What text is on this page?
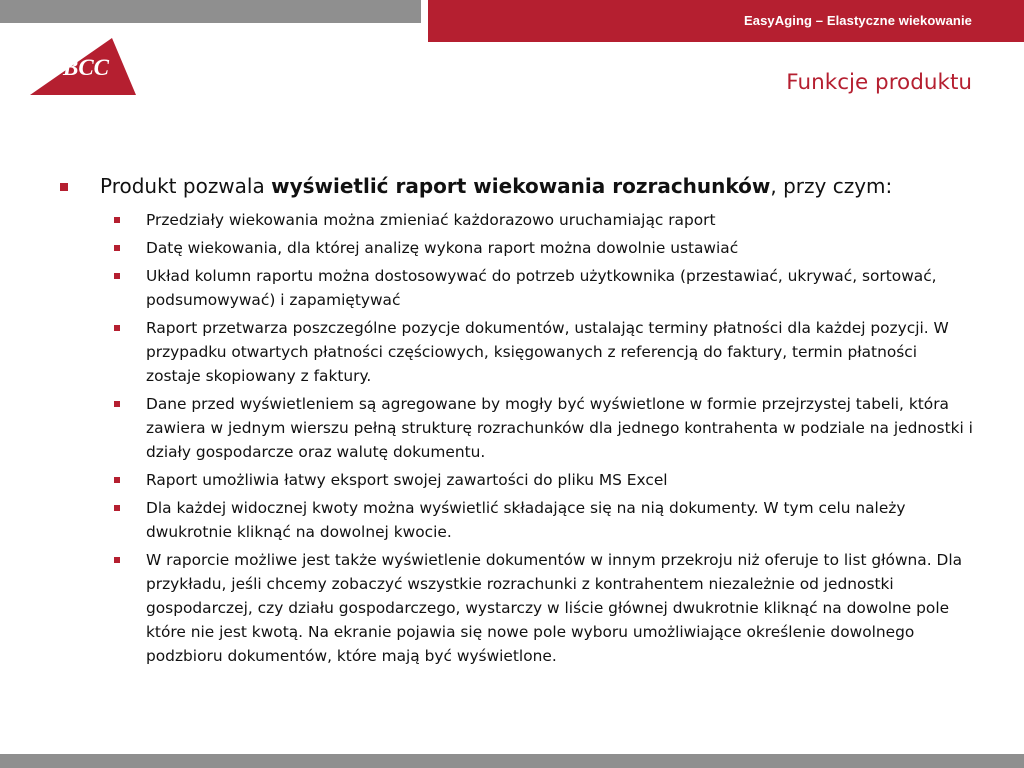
EasyAging – Elastyczne wiekowanie
BCC
Funkcje produktu
Produkt pozwala wyświetlić raport wiekowania rozrachunków, przy czym:
Przedziały wiekowania można zmieniać każdorazowo uruchamiając raport
Datę wiekowania, dla której analizę wykona raport można dowolnie ustawiać
Układ kolumn raportu można dostosowywać do potrzeb użytkownika (przestawiać, ukrywać, sortować, podsumowywać) i zapamiętywać
Raport przetwarza poszczególne pozycje dokumentów, ustalając terminy płatności dla każdej pozycji. W przypadku otwartych płatności częściowych, księgowanych z referencją do faktury, termin płatności zostaje skopiowany z faktury.
Dane przed wyświetleniem są agregowane by mogły być wyświetlone w formie przejrzystej tabeli, która zawiera w jednym wierszu pełną strukturę rozrachunków dla jednego kontrahenta w podziale na jednostki i działy gospodarcze oraz walutę dokumentu.
Raport umożliwia łatwy eksport swojej zawartości do pliku MS Excel
Dla każdej widocznej kwoty można wyświetlić składające się na nią dokumenty. W tym celu należy dwukrotnie kliknąć na dowolnej kwocie.
W raporcie możliwe jest także wyświetlenie dokumentów w innym przekroju niż oferuje to list główna. Dla przykładu, jeśli chcemy zobaczyć wszystkie rozrachunki z kontrahentem niezależnie od jednostki gospodarczej, czy działu gospodarczego, wystarczy w liście głównej dwukrotnie kliknąć na dowolne pole które nie jest kwotą. Na ekranie pojawia się nowe pole wyboru umożliwiające określenie dowolnego podzbioru dokumentów, które mają być wyświetlone.
